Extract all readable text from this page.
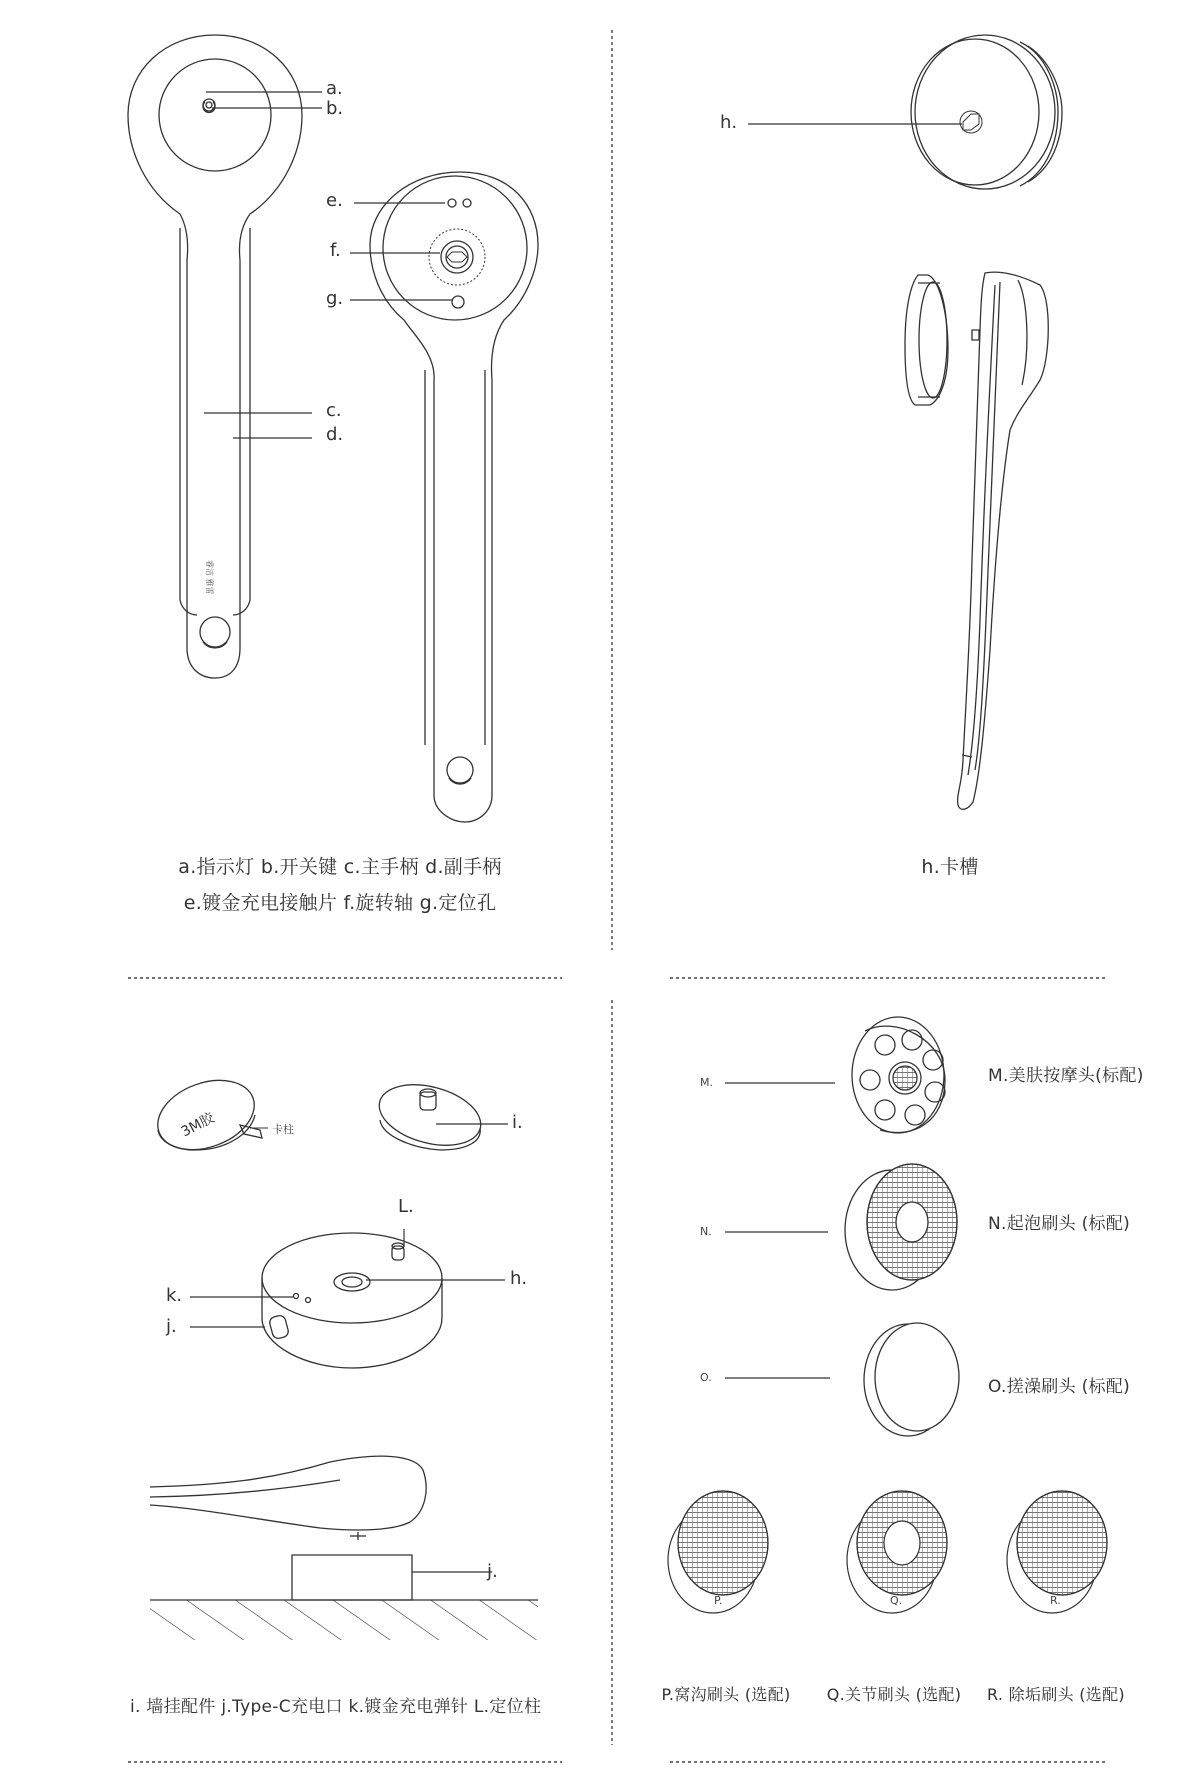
睿洁 雅雷
3M胶
a.
b.
c.
d.
e.
f.
g.
a.指示灯 b.开关键 c.主手柄 d.副手柄
e.镀金充电接触片 f.旋转轴 g.定位孔
h.
h.卡槽
卡柱	i.
L.
k.
h.
j.
j.
i. 墙挂配件 j.Type-C充电口 k.镀金充电弹针 L.定位柱
M.
N.
O.
M.美肤按摩头(标配)
N.起泡刷头 (标配)
O.搓澡刷头 (标配)
P.	Q.	R.
P.窝沟刷头 (选配) Q.关节刷头 (选配) R. 除垢刷头 (选配)
